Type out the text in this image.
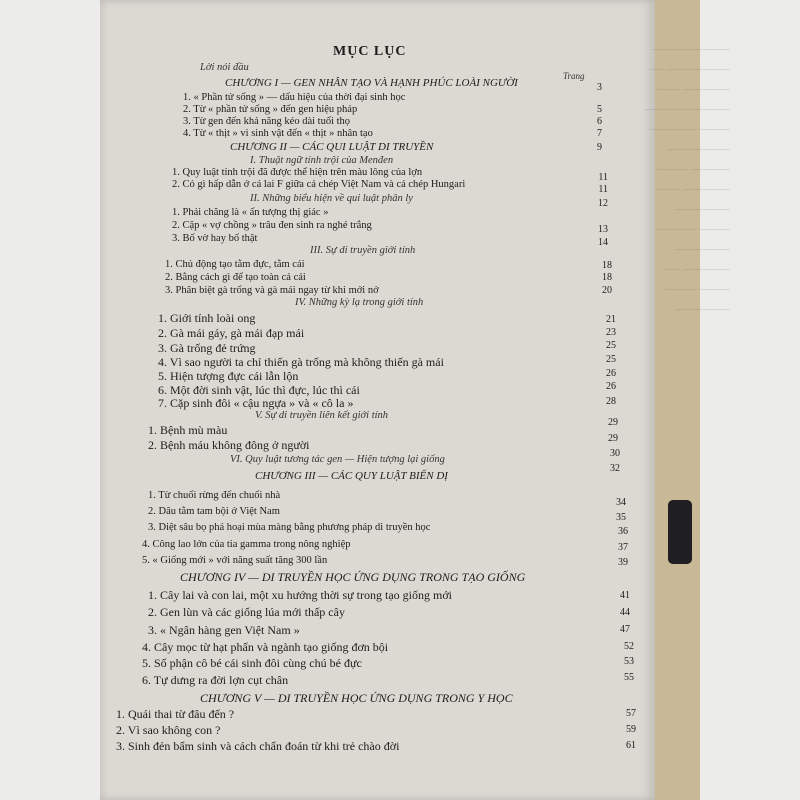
──────────
──────── ──
────── ───
───────────
──── ──────
────────
───── ────
────── ───
───────
──── ─────
───────
────── ──
──── ────
───────

MỤC LỤC
Lời nói đầu
Trang
3
CHƯƠNG I — GEN NHÂN TẠO VÀ HẠNH PHÚC LOÀI NGƯỜI
1. « Phần tử sống » — dấu hiệu của thời đại sinh học
2. Từ « phần tử sống » đến gen hiệu pháp
3. Từ gen đến khả năng kéo dài tuổi thọ
4. Từ « thịt » vi sinh vật đến « thịt » nhân tạo
5
6
7
9
CHƯƠNG II — CÁC QUI LUẬT DI TRUYỀN
I. Thuật ngữ tính trội của Menđen
1. Quy luật tính trội đã được thể hiện trên màu lông của lợn
2. Cỏ gì hấp dẫn ở cá lai F giữa cá chép Việt Nam và cá chép Hungari
11
11
II. Những biểu hiện về qui luật phân ly
1. Phải chăng là « ấn tượng thị giác »
2. Cặp « vợ chồng » trâu đen sinh ra nghé trắng
3. Bố vờ hay bố thật
12
13
14
III. Sự di truyền giới tính
1. Chủ động tạo tằm đực, tằm cái
2. Bằng cách gì để tạo toàn cá cái
3. Phân biệt gà trống và gà mái ngay từ khi mới nở
18
18
20
IV. Những kỳ lạ trong giới tính
1. Giới tính loài ong
2. Gà mái gáy, gà mái đạp mái
3. Gà trống đẻ trứng
4. Vì sao người ta chỉ thiến gà trống mà không thiến gà mái
5. Hiện tượng đực cái lẫn lộn
6. Một đời sinh vật, lúc thì đực, lúc thì cái
7. Cặp sinh đôi « cậu ngựa » và « cô la »
21
23
25
25
26
26
28
V. Sự di truyền liên kết giới tính
1. Bệnh mù màu
2. Bệnh máu không đông ở người
29
29
VI. Quy luật tương tác gen — Hiện tượng lại giống
30
32
CHƯƠNG III — CÁC QUY LUẬT BIẾN DỊ
1. Từ chuối rừng đến chuối nhà
2. Dâu tằm tam bội ở Việt Nam
3. Diệt sâu bọ phá hoại mùa màng bằng phương pháp di truyền học
4. Công lao lớn của tia gamma trong nông nghiệp
5. « Giống mới » với năng suất tăng 300 lần
34
35
36
37
39
CHƯƠNG IV — DI TRUYỀN HỌC ỨNG DỤNG TRONG TẠO GIỐNG
1. Cây lai và con lai, một xu hướng thời sự trong tạo giống mới
2. Gen lùn và các giống lúa mới thấp cây
3. « Ngân hàng gen Việt Nam »
4. Cây mọc từ hạt phấn và ngành tạo giống đơn bội
5. Số phận cô bé cái sinh đôi cùng chú bé đực
6. Tự dưng ra đời lợn cụt chân
41
44
47
52
53
55
CHƯƠNG V — DI TRUYỀN HỌC ỨNG DỤNG TRONG Y HỌC
1. Quái thai từ đâu đến ?
2. Vì sao không con ?
3. Sinh đẻn bẩm sinh và cách chẩn đoán từ khi trẻ chào đời
57
59
61
